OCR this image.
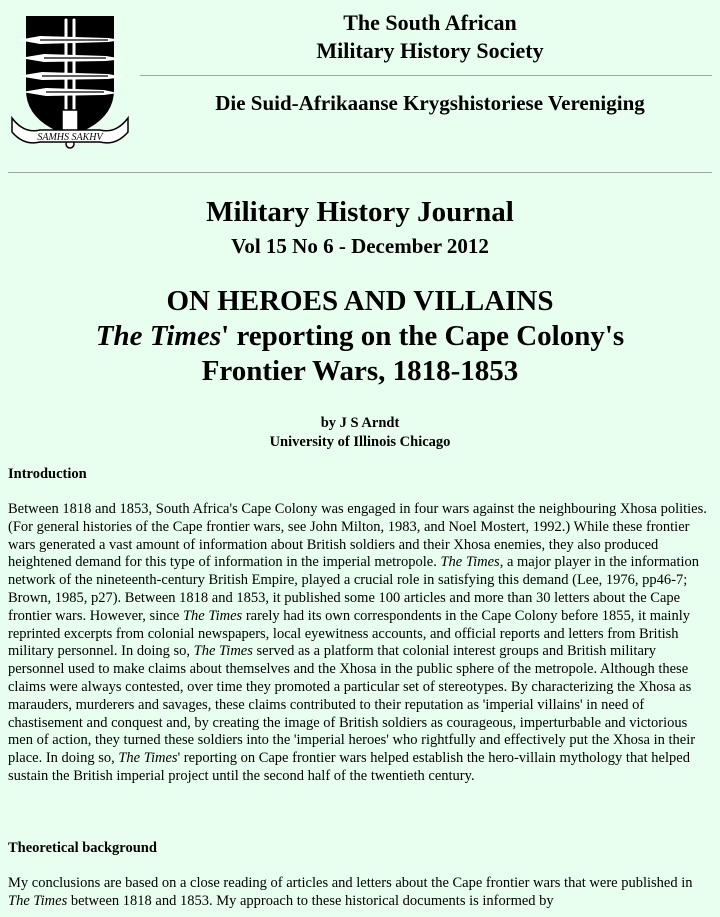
SAMHS SAKHV
The South African
Military History Society
Die Suid-Afrikaanse Krygshistoriese Vereniging
Military History Journal
Vol 15 No 6 - December 2012
ON HEROES AND VILLAINS
The Times' reporting on the Cape Colony's
Frontier Wars, 1818-1853
by J S Arndt
University of Illinois Chicago
Introduction

Between 1818 and 1853, South Africa's Cape Colony was engaged in four wars against the neighbouring Xhosa polities. (For general histories of the Cape frontier wars, see John Milton, 1983, and Noel Mostert, 1992.) While these frontier wars generated a vast amount of information about British soldiers and their Xhosa enemies, they also produced heightened demand for this type of information in the imperial metropole. The Times, a major player in the information network of the nineteenth-century British Empire, played a crucial role in satisfying this demand (Lee, 1976, pp46-7; Brown, 1985, p27). Between 1818 and 1853, it published some 100 articles and more than 30 letters about the Cape frontier wars. However, since The Times rarely had its own correspondents in the Cape Colony before 1855, it mainly reprinted excerpts from colonial newspapers, local eyewitness accounts, and official reports and letters from British military personnel. In doing so, The Times served as a platform that colonial interest groups and British military personnel used to make claims about themselves and the Xhosa in the public sphere of the metropole. Although these claims were always contested, over time they promoted a particular set of stereotypes. By characterizing the Xhosa as marauders, murderers and savages, these claims contributed to their reputation as 'imperial villains' in need of chastisement and conquest and, by creating the image of British soldiers as courageous, imperturbable and victorious men of action, they turned these soldiers into the 'imperial heroes' who rightfully and effectively put the Xhosa in their place. In doing so, The Times' reporting on Cape frontier wars helped establish the hero-villain mythology that helped sustain the British imperial project until the second half of the twentieth century.

Theoretical background

My conclusions are based on a close reading of articles and letters about the Cape frontier wars that were published in The Times between 1818 and 1853. My approach to these historical documents is informed by
